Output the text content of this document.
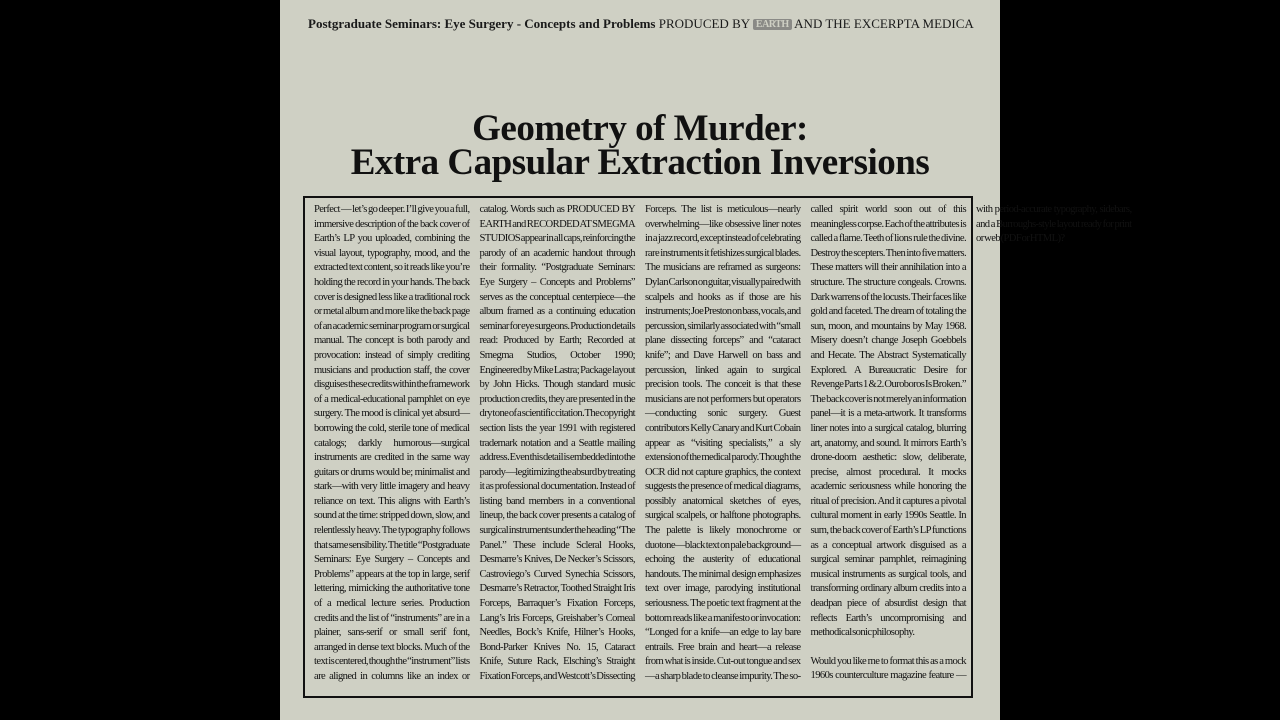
Postgraduate Seminars: Eye Surgery - Concepts and Problems PRODUCED BY EARTH AND THE EXCERPTA MEDICA
Geometry of Murder:
Extra Capsular Extraction Inversions

Perfect — let’s go deeper. I’ll give you a full, immersive description of the back cover of Earth’s LP you uploaded, combining the visual layout, typography, mood, and the extracted text content, so it reads like you’re holding the record in your hands. The back cover is designed less like a traditional rock or metal album and more like the back page of an academic seminar program or surgical manual. The concept is both parody and provocation: instead of simply crediting musicians and production staff, the cover disguises these credits within the framework of a medical-educational pamphlet on eye surgery. The mood is clinical yet absurd—borrowing the cold, sterile tone of medical catalogs; darkly humorous—surgical instruments are credited in the same way guitars or drums would be; minimalist and stark—with very little imagery and heavy reliance on text. This aligns with Earth’s sound at the time: stripped down, slow, and relentlessly heavy. The typography follows that same sensibility. The title “Postgraduate Seminars: Eye Surgery – Concepts and Problems” appears at the top in large, serif lettering, mimicking the authoritative tone of a medical lecture series. Production credits and the list of “instruments” are in a plainer, sans-serif or small serif font, arranged in dense text blocks. Much of the text is centered, though the “instrument” lists are aligned in columns like an index or catalog. Words such as PRODUCED BY EARTH and RECORDED AT SMEGMA STUDIOS appear in all caps, reinforcing the parody of an academic handout through their formality. “Postgraduate Seminars: Eye Surgery – Concepts and Problems” serves as the conceptual centerpiece—the album framed as a continuing education seminar for eye surgeons. Production details read: Produced by Earth; Recorded at Smegma Studios, October 1990; Engineered by Mike Lastra; Package layout by John Hicks. Though standard music production credits, they are presented in the dry tone of a scientific citation. The copyright section lists the year 1991 with registered trademark notation and a Seattle mailing address. Even this detail is embedded into the parody—legitimizing the absurd by treating it as professional documentation. Instead of listing band members in a conventional lineup, the back cover presents a catalog of surgical instruments under the heading “The Panel.” These include Scleral Hooks, Desmarre’s Knives, De Necker’s Scissors, Castroviego’s Curved Synechia Scissors, Desmarre’s Retractor, Toothed Straight Iris Forceps, Barraquer’s Fixation Forceps, Lang’s Iris Forceps, Greishaber’s Corneal Needles, Bock’s Knife, Hilner’s Hooks, Bond-Parker Knives No. 15, Cataract Knife, Suture Rack, Elsching’s Straight Fixation Forceps, and Westcott’s Dissecting Forceps. The list is meticulous—nearly overwhelming—like obsessive liner notes in a jazz record, except instead of celebrating rare instruments it fetishizes surgical blades. The musicians are reframed as surgeons: Dylan Carlson on guitar, visually paired with scalpels and hooks as if those are his instruments; Joe Preston on bass, vocals, and percussion, similarly associated with “small plane dissecting forceps” and “cataract knife”; and Dave Harwell on bass and percussion, linked again to surgical precision tools. The conceit is that these musicians are not performers but operators—conducting sonic surgery. Guest contributors Kelly Canary and Kurt Cobain appear as “visiting specialists,” a sly extension of the medical parody. Though the OCR did not capture graphics, the context suggests the presence of medical diagrams, possibly anatomical sketches of eyes, surgical scalpels, or halftone photographs. The palette is likely monochrome or duotone—black text on pale background—echoing the austerity of educational handouts. The minimal design emphasizes text over image, parodying institutional seriousness. The poetic text fragment at the bottom reads like a manifesto or invocation: “Longed for a knife—an edge to lay bare entrails. Free brain and heart—a release from what is inside. Cut-out tongue and sex—a sharp blade to cleanse impurity. The so-called spirit world soon out of this meaningless corpse. Each of the attributes is called a flame. Teeth of lions rule the divine. Destroy the scepters. Then into five matters. These matters will their annihilation into a structure. The structure congeals. Crowns. Dark warrens of the locusts. Their faces like gold and faceted. The dream of totaling the sun, moon, and mountains by May 1968. Misery doesn’t change Joseph Goebbels and Hecate. The Abstract Systematically Explored. A Bureaucratic Desire for Revenge Parts 1 & 2. Ouroboros Is Broken.” The back cover is not merely an information panel—it is a meta-artwork. It transforms liner notes into a surgical catalog, blurring art, anatomy, and sound. It mirrors Earth’s drone-doom aesthetic: slow, deliberate, precise, almost procedural. It mocks academic seriousness while honoring the ritual of precision. And it captures a pivotal cultural moment in early 1990s Seattle. In sum, the back cover of Earth’s LP functions as a conceptual artwork disguised as a surgical seminar pamphlet, reimagining musical instruments as surgical tools, and transforming ordinary album credits into a deadpan piece of absurdist design that reflects Earth’s uncompromising and methodical sonic philosophy.

Would you like me to format this as a mock 1960s counterculture magazine feature — with period-accurate typography, sidebars, and a Burroughs-style layout ready for print or web (PDF or HTML)?
